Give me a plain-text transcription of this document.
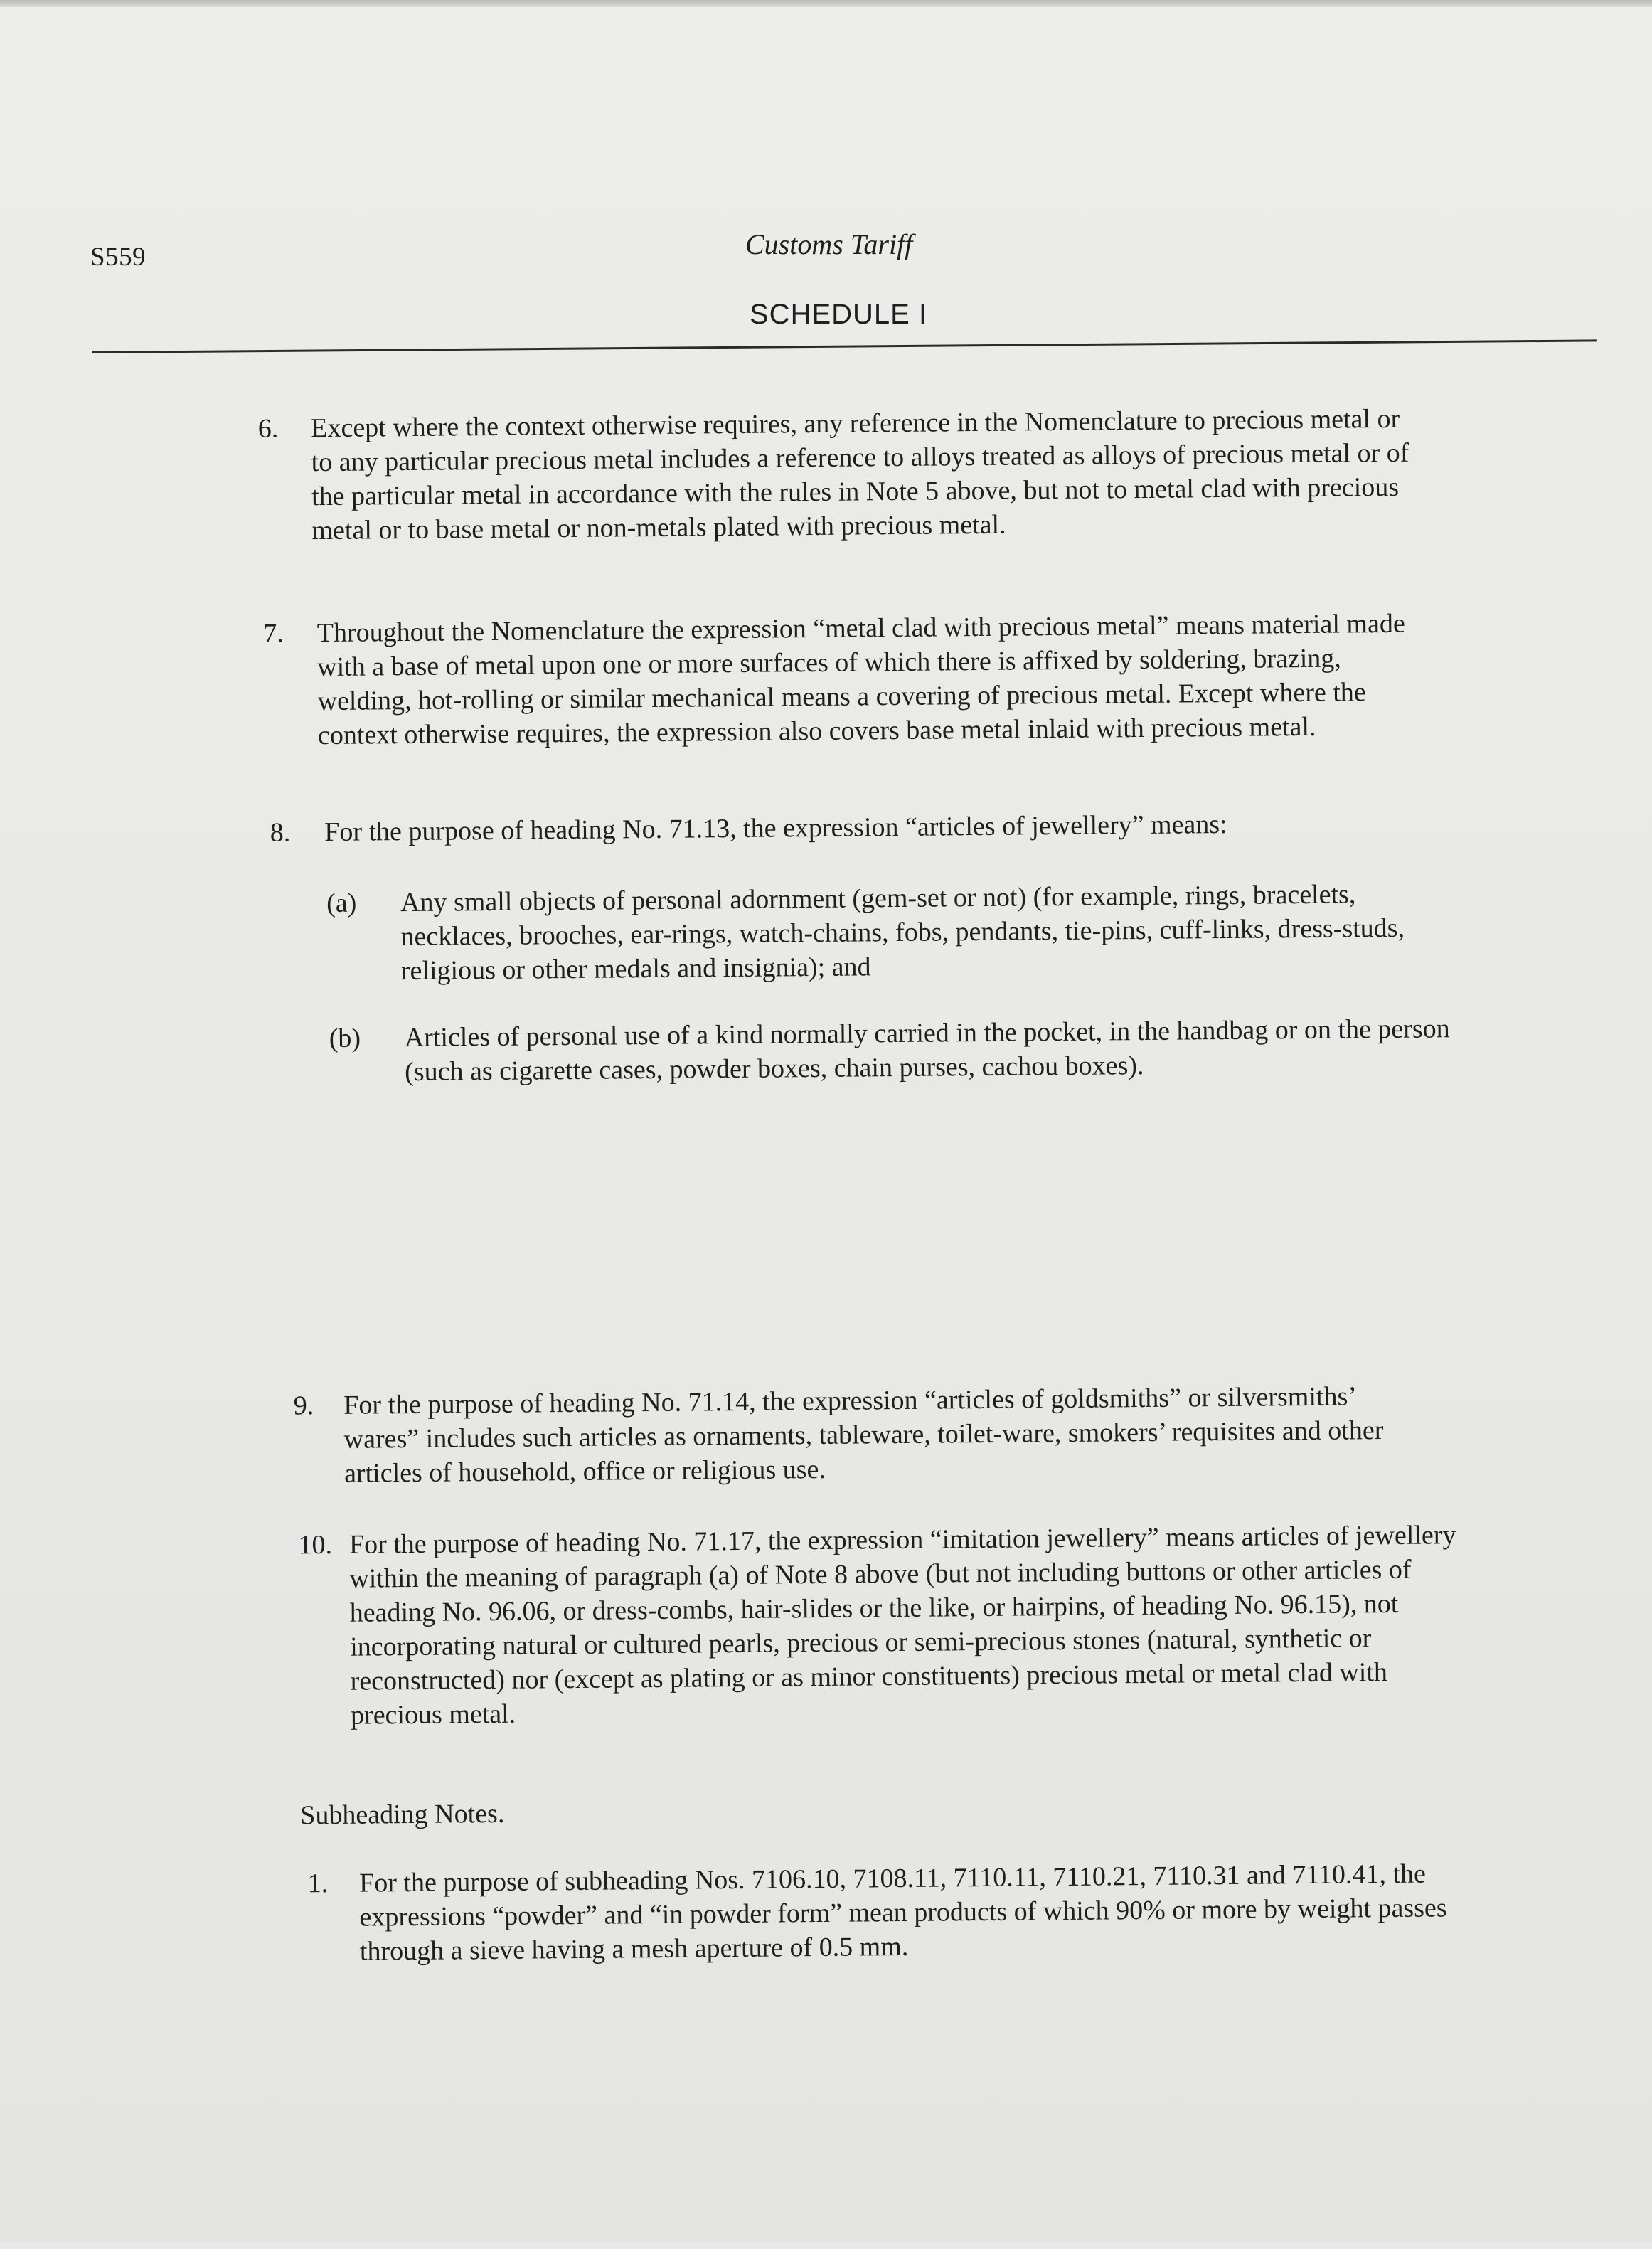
S559	Customs Tariff
SCHEDULE I
6. Except where the context otherwise requires, any reference in the Nomenclature to precious metal or to any particular precious metal includes a reference to alloys treated as alloys of precious metal or of the particular metal in accordance with the rules in Note 5 above, but not to metal clad with precious metal or to base metal or non-metals plated with precious metal.
7. Throughout the Nomenclature the expression “metal clad with precious metal” means material made with a base of metal upon one or more surfaces of which there is affixed by soldering, brazing, welding, hot-rolling or similar mechanical means a covering of precious metal. Except where the context otherwise requires, the expression also covers base metal inlaid with precious metal.
8. For the purpose of heading No. 71.13, the expression “articles of jewellery” means:
(a) Any small objects of personal adornment (gem-set or not) (for example, rings, bracelets, necklaces, brooches, ear-rings, watch-chains, fobs, pendants, tie-pins, cuff-links, dress-studs, religious or other medals and insignia); and
(b) Articles of personal use of a kind normally carried in the pocket, in the handbag or on the person (such as cigarette cases, powder boxes, chain purses, cachou boxes).
9. For the purpose of heading No. 71.14, the expression “articles of goldsmiths” or silversmiths’ wares” includes such articles as ornaments, tableware, toilet-ware, smokers’ requisites and other articles of household, office or religious use.
10. For the purpose of heading No. 71.17, the expression “imitation jewellery” means articles of jewellery within the meaning of paragraph (a) of Note 8 above (but not including buttons or other articles of heading No. 96.06, or dress-combs, hair-slides or the like, or hairpins, of heading No. 96.15), not incorporating natural or cultured pearls, precious or semi-precious stones (natural, synthetic or reconstructed) nor (except as plating or as minor constituents) precious metal or metal clad with precious metal.
Subheading Notes.
1. For the purpose of subheading Nos. 7106.10, 7108.11, 7110.11, 7110.21, 7110.31 and 7110.41, the expressions “powder” and “in powder form” mean products of which 90% or more by weight passes through a sieve having a mesh aperture of 0.5 mm.
